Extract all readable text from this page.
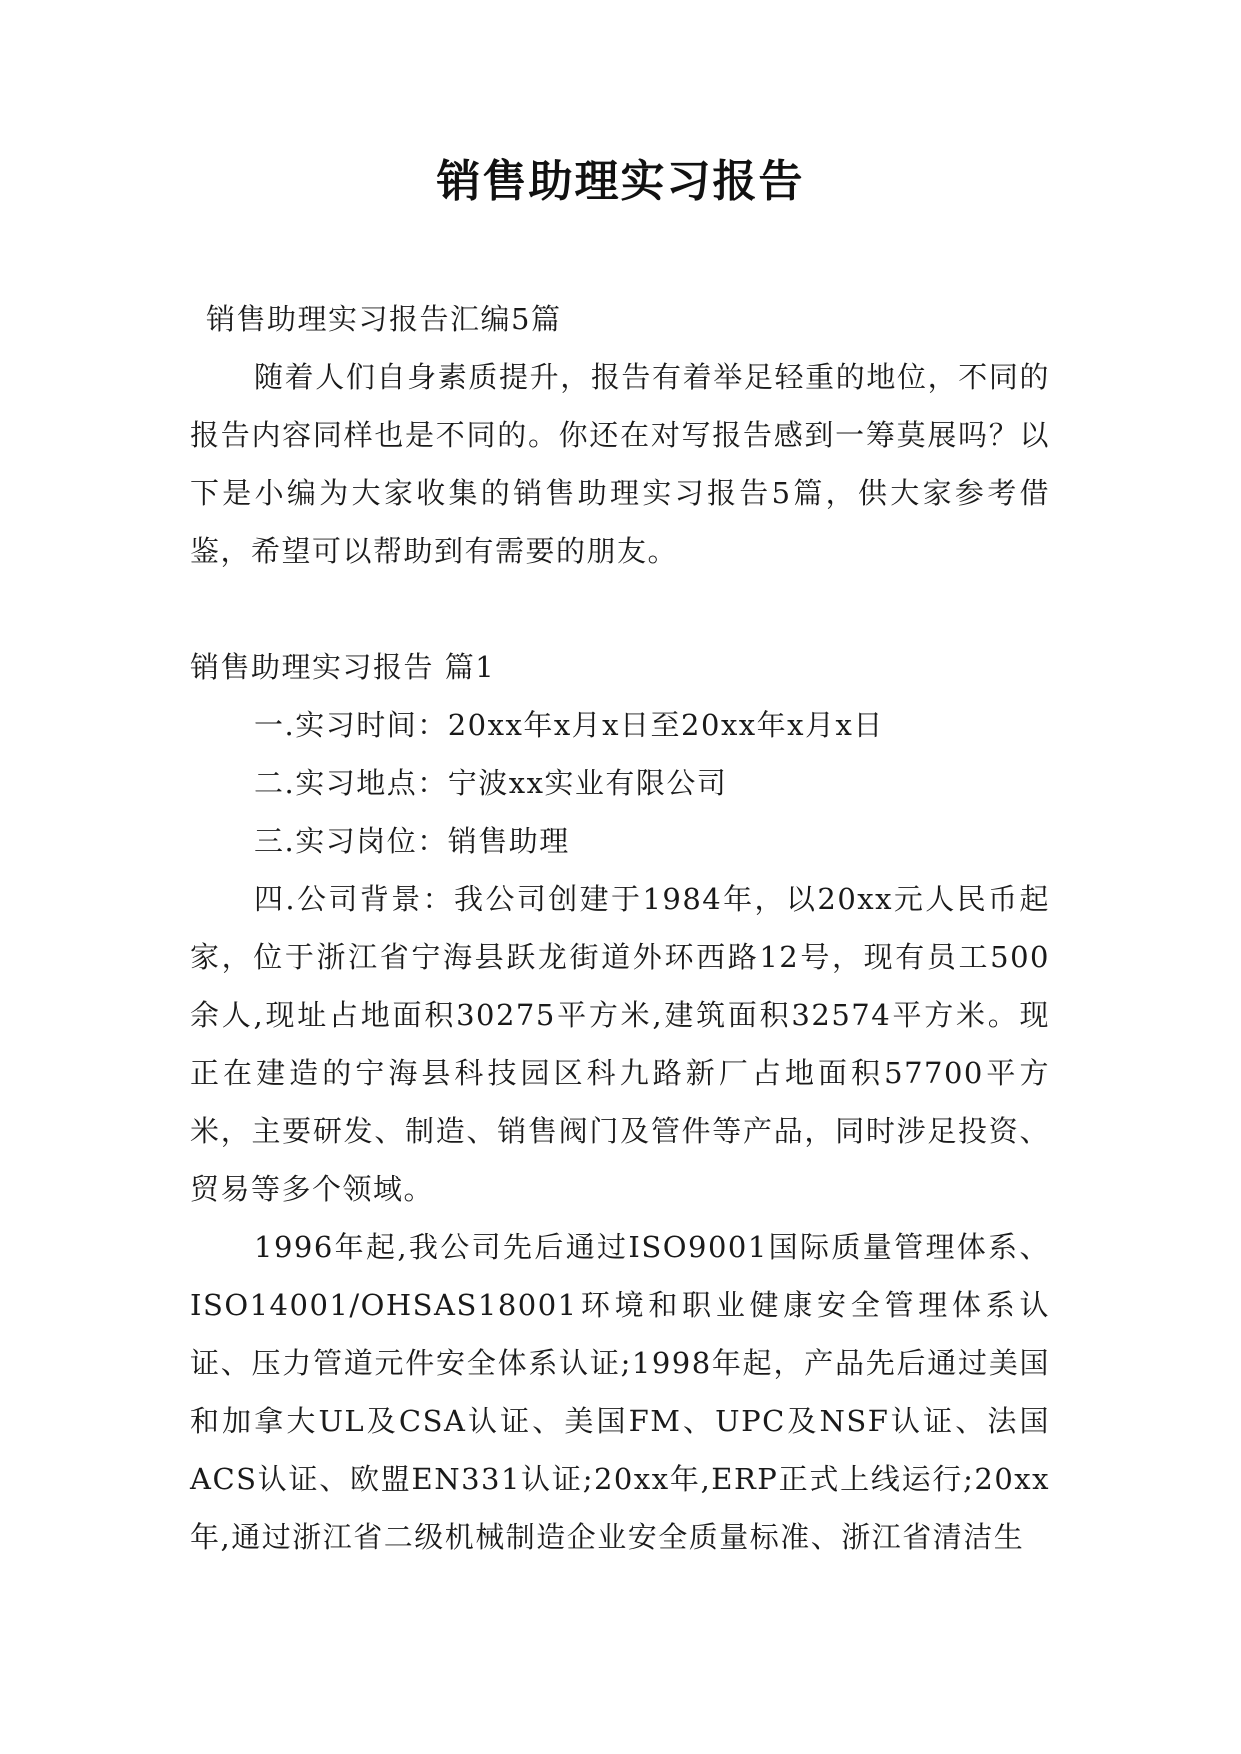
销售助理实习报告

销售助理实习报告汇编5篇

随着人们自身素质提升，报告有着举足轻重的地位，不同的报告内容同样也是不同的。你还在对写报告感到一筹莫展吗？以下是小编为大家收集的销售助理实习报告5篇，供大家参考借鉴，希望可以帮助到有需要的朋友。

销售助理实习报告 篇1

一.实习时间：20xx年x月x日至20xx年x月x日

二.实习地点：宁波xx实业有限公司

三.实习岗位：销售助理

四.公司背景：我公司创建于1984年，以20xx元人民币起家，位于浙江省宁海县跃龙街道外环西路12号，现有员工500余人,现址占地面积30275平方米,建筑面积32574平方米。现正在建造的宁海县科技园区科九路新厂占地面积57700平方米，主要研发、制造、销售阀门及管件等产品，同时涉足投资、贸易等多个领域。

1996年起,我公司先后通过ISO9001国际质量管理体系、ISO14001/OHSAS18001环境和职业健康安全管理体系认证、压力管道元件安全体系认证;1998年起，产品先后通过美国和加拿大UL及CSA认证、美国FM、UPC及NSF认证、法国ACS认证、欧盟EN331认证;20xx年,ERP正式上线运行;20xx年,通过浙江省二级机械制造企业安全质量标准、浙江省清洁生
